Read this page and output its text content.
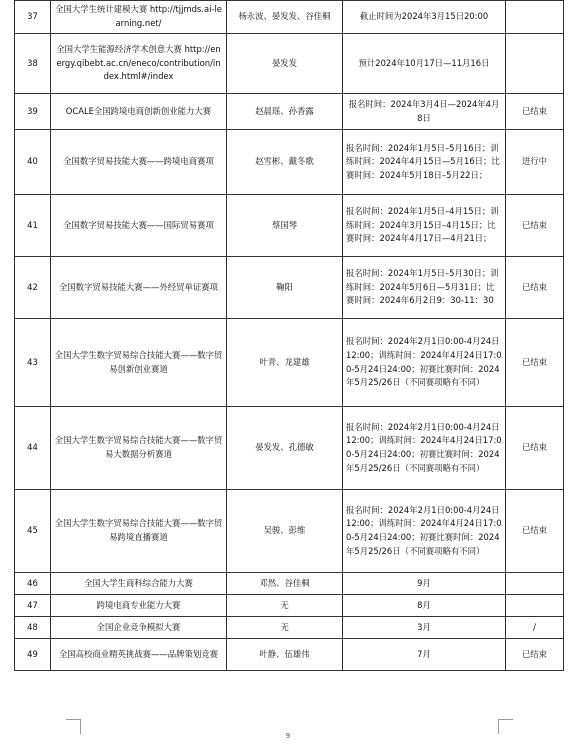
37	全国大学生统计建模大赛 http://tjjmds.ai-learning.net/	杨永波、晏发发、谷佳桐	截止时间为2024年3月15日20:00	
38	全国大学生能源经济学术创意大赛 http://energy.qibebt.ac.cn/eneco/contribution/index.html#/index	晏发发	预计2024年10月17日—11月16日	
39	OCALE全国跨境电商创新创业能力大赛	赵晨瑶、孙香露	报名时间：2024年3月4日—2024年4月8日	已结束
40	全国数字贸易技能大赛——跨境电商赛项	赵雪彬、戴冬歌	报名时间：2024年1月5日–5月16日；训练时间：2024年4月15日—5月16日；比赛时间：2024年5月18日–5月22日；	进行中
41	全国数字贸易技能大赛——国际贸易赛项	蔡国琴	报名时间：2024年1月5日–4月15日；训练时间：2024年3月15日–4月15日；比赛时间：2024年4月17日—4月21日；	已结束
42	全国数字贸易技能大赛——外经贸单证赛项	鞠阳	报名时间：2024年1月5日–5月30日；训练时间：2024年5月6日—5月31日；比赛时间：2024年6月2日9：30-11：30	已结束
43	全国大学生数字贸易综合技能大赛——数字贸易创新创业赛道	叶青、龙建雄	报名时间：2024年2月1日0:00-4月24日12:00；训练时间：2024年4月24日17:00-5月24日24:00；初赛比赛时间：2024年5月25/26日（不同赛项略有不同）	已结束
44	全国大学生数字贸易综合技能大赛——数字贸易大数据分析赛道	晏发发、孔德敏	报名时间：2024年2月1日0:00-4月24日12:00；训练时间：2024年4月24日17:00-5月24日24:00；初赛比赛时间：2024年5月25/26日（不同赛项略有不同）	已结束
45	全国大学生数字贸易综合技能大赛——数字贸易跨境直播赛道	吴骏、彭维	报名时间：2024年2月1日0:00-4月24日12:00；训练时间：2024年4月24日17:00-5月24日24:00；初赛比赛时间：2024年5月25/26日（不同赛项略有不同）	已结束
46	全国大学生商科综合能力大赛	邓然、谷佳桐	9月	
47	跨境电商专业能力大赛	无	8月	
48	全国企业竞争模拟大赛	无	3月	/
49	全国高校商业精英挑战赛——品牌策划竞赛	叶静、伍雄伟	7月	已结束
9
